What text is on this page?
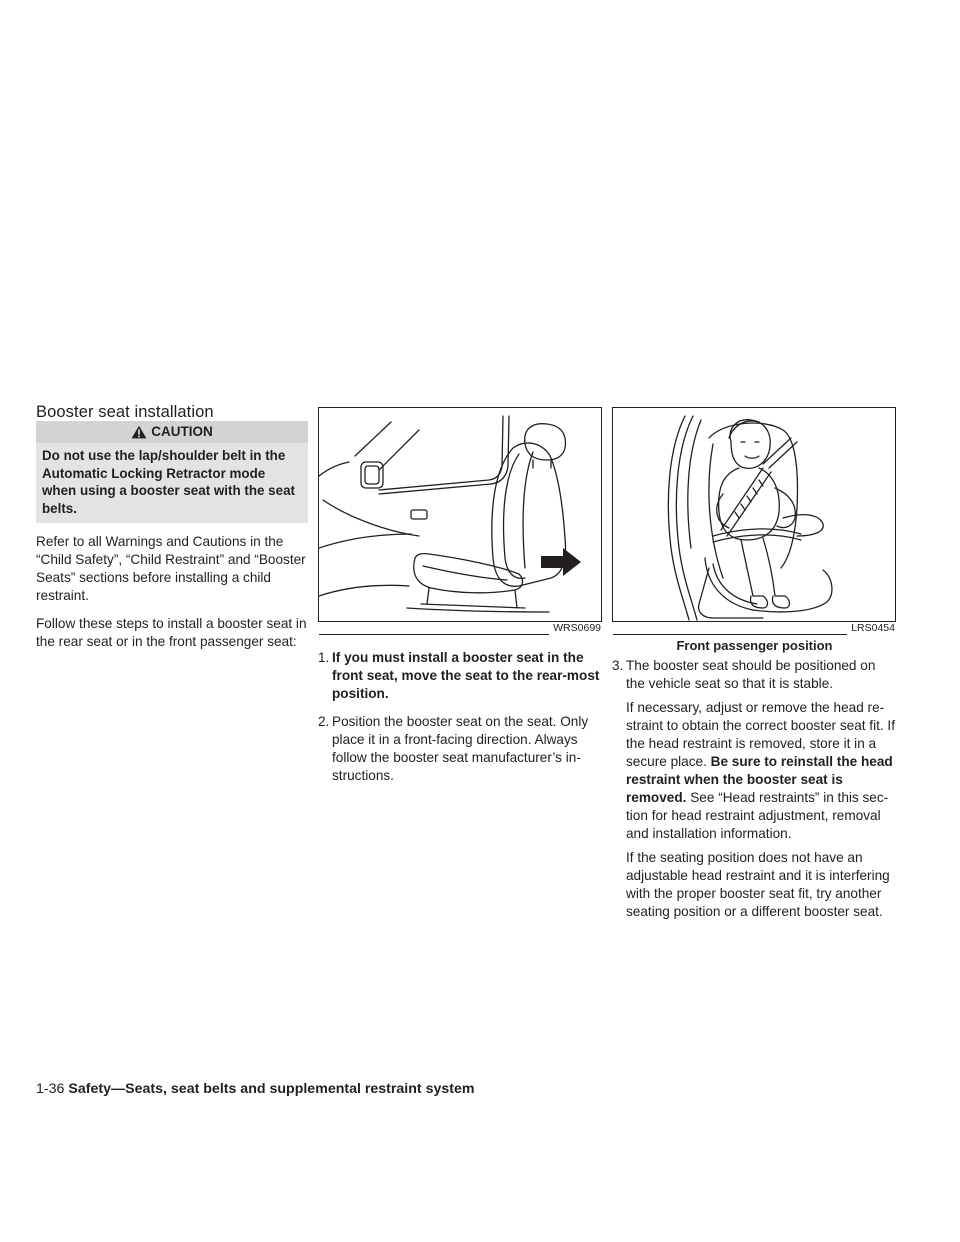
Booster seat installation

CAUTION
Do not use the lap/shoulder belt in the Automatic Locking Retractor mode when using a booster seat with the seat belts.

Refer to all Warnings and Cautions in the “Child Safety”, “Child Restraint” and “Booster Seats” sections before installing a child restraint.

Follow these steps to install a booster seat in the rear seat or in the front passenger seat:

WRS0699
1. If you must install a booster seat in the front seat, move the seat to the rear-most position.
2. Position the booster seat on the seat. Only place it in a front-facing direction. Always follow the booster seat manufacturer’s in-structions.
LRS0454

Front passenger position

3. The booster seat should be positioned on the vehicle seat so that it is stable.

If necessary, adjust or remove the head re-straint to obtain the correct booster seat fit. If the head restraint is removed, store it in a secure place. Be sure to reinstall the head restraint when the booster seat is removed. See “Head restraints” in this sec-tion for head restraint adjustment, removal and installation information.

If the seating position does not have an adjustable head restraint and it is interfering with the proper booster seat fit, try another seating position or a different booster seat.

1-36 Safety—Seats, seat belts and supplemental restraint system
